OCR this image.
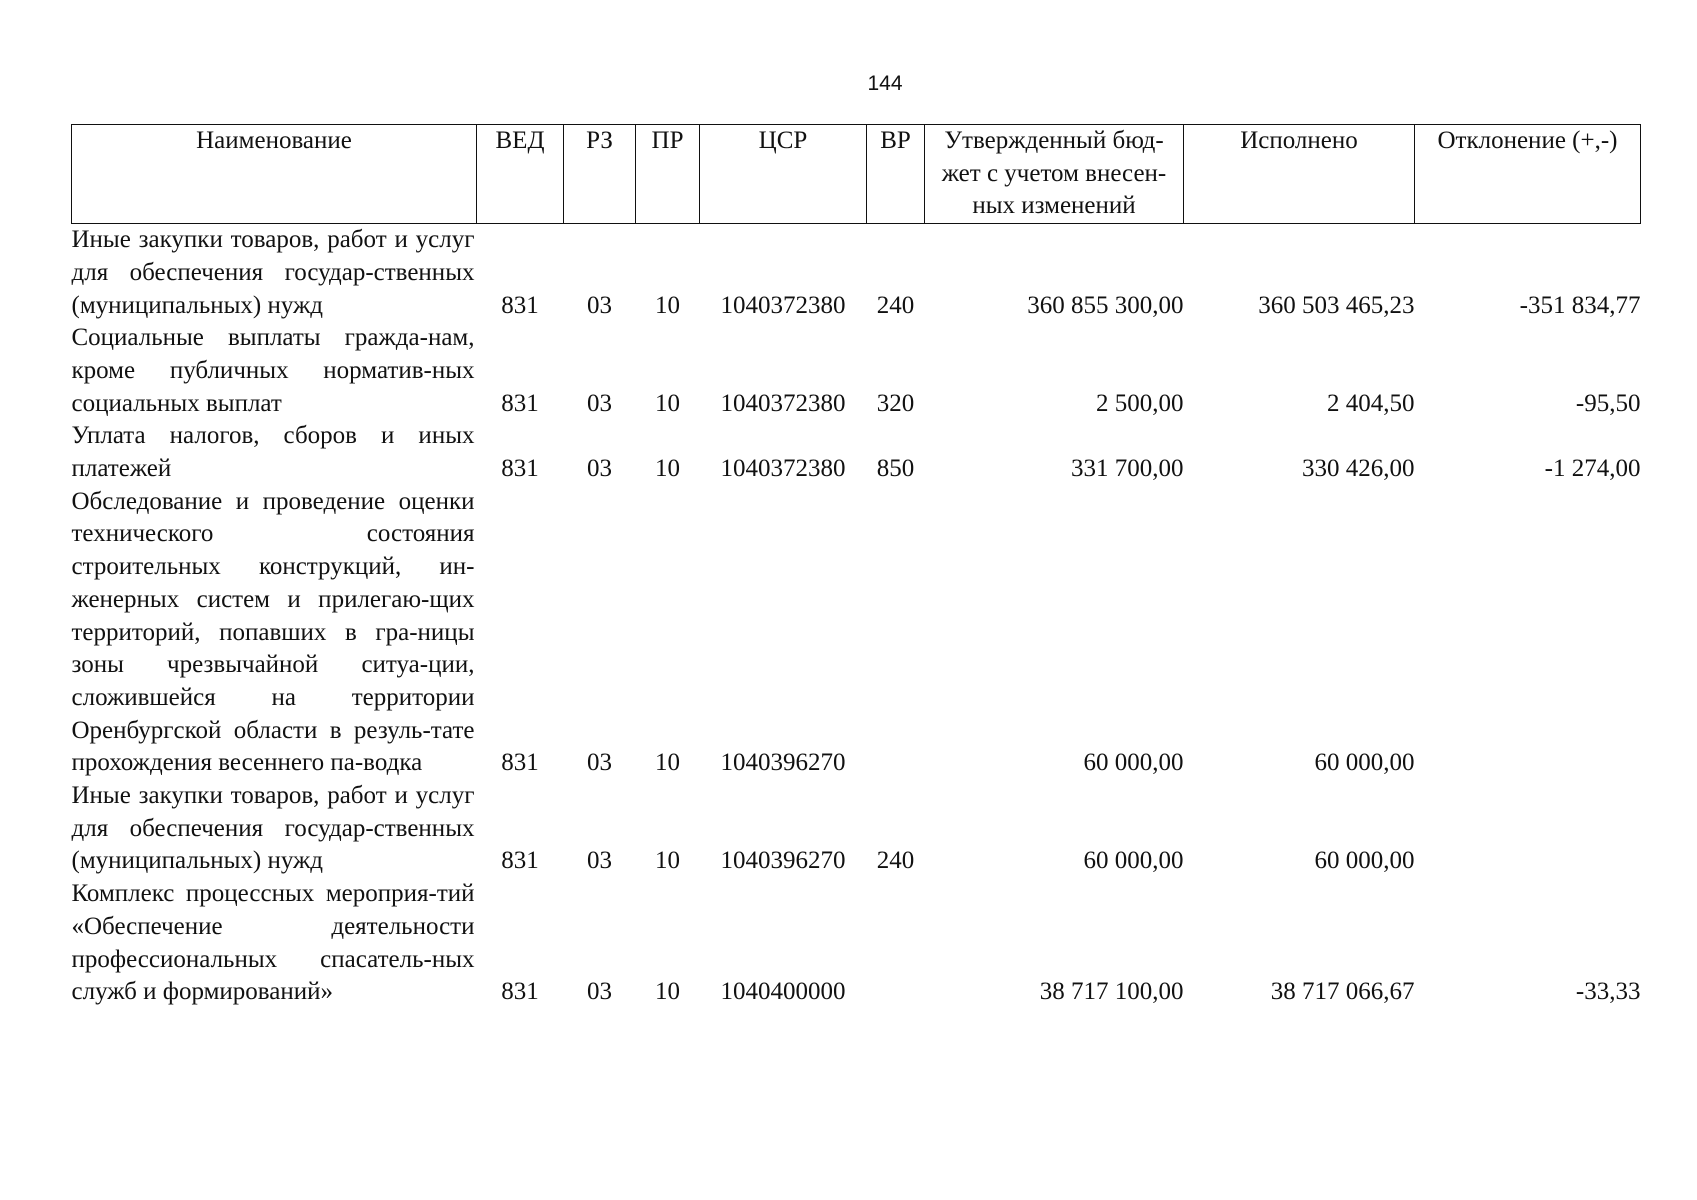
144
Наименование	ВЕД	РЗ	ПР	ЦСР	ВР	Утвержденный бюд-жет с учетом внесен-ных изменений	Исполнено	Отклонение (+,-)
Иные закупки товаров, работ и услуг для обеспечения государ-ственных (муниципальных) нужд	831	03	10	1040372380	240	360 855 300,00	360 503 465,23	-351 834,77
Социальные выплаты гражда-нам, кроме публичных норматив-ных социальных выплат	831	03	10	1040372380	320	2 500,00	2 404,50	-95,50
Уплата налогов, сборов и иных платежей	831	03	10	1040372380	850	331 700,00	330 426,00	-1 274,00
Обследование и проведение оценки технического состояния строительных конструкций, ин-женерных систем и прилегаю-щих территорий, попавших в гра-ницы зоны чрезвычайной ситуа-ции, сложившейся на территории Оренбургской области в резуль-тате прохождения весеннего па-водка	831	03	10	1040396270		60 000,00	60 000,00	
Иные закупки товаров, работ и услуг для обеспечения государ-ственных (муниципальных) нужд	831	03	10	1040396270	240	60 000,00	60 000,00	
Комплекс процессных мероприя-тий «Обеспечение деятельности профессиональных спасатель-ных служб и формирований»	831	03	10	1040400000		38 717 100,00	38 717 066,67	-33,33
